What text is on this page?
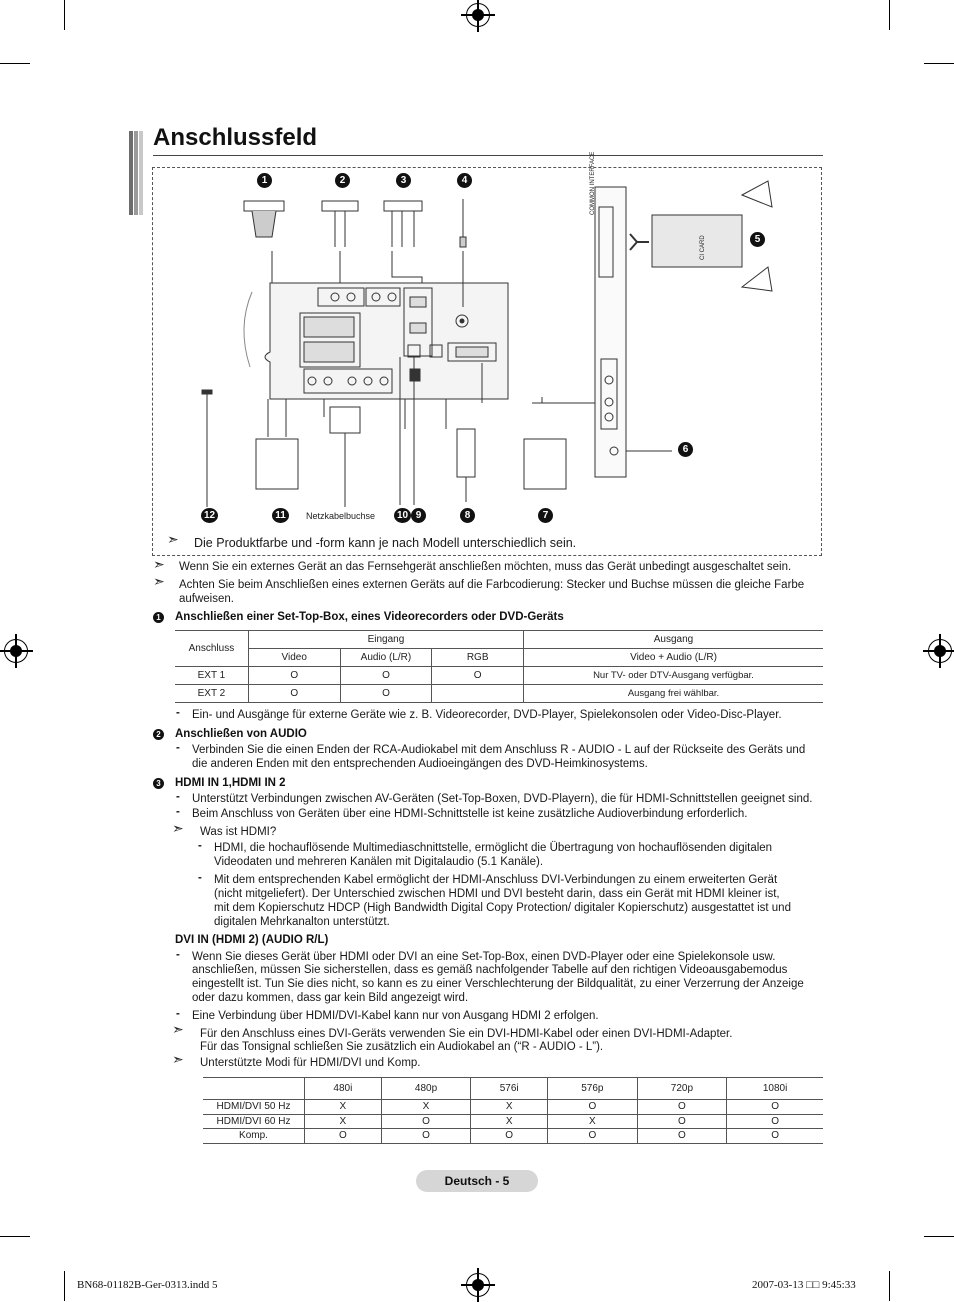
Anschlussfeld
1	2	3	4
5
6
12	11	10 9	8	7
Netzkabelbuchse
COMMON INTERFACE
CI CARD
➣ Die Produktfarbe und -form kann je nach Modell unterschiedlich sein.
➣ Wenn Sie ein externes Gerät an das Fernsehgerät anschließen möchten, muss das Gerät unbedingt ausgeschaltet sein.
➣ Achten Sie beim Anschließen eines externen Geräts auf die Farbcodierung: Stecker und Buchse müssen die gleiche Farbe
aufweisen.
1 Anschließen einer Set-Top-Box, eines Videorecorders oder DVD-Geräts
Anschluss	Eingang			Ausgang
	Video	Audio (L/R)	RGB	Video + Audio (L/R)
EXT 1	O	O	O	Nur TV- oder DTV-Ausgang verfügbar.
EXT 2	O	O		Ausgang frei wählbar.
- Ein- und Ausgänge für externe Geräte wie z. B. Videorecorder, DVD-Player, Spielekonsolen oder Video-Disc-Player.
2 Anschließen von AUDIO
- Verbinden Sie die einen Enden der RCA-Audiokabel mit dem Anschluss R - AUDIO - L auf der Rückseite des Geräts und
die anderen Enden mit den entsprechenden Audioeingängen des DVD-Heimkinosystems.
3 HDMI IN 1,HDMI IN 2
- Unterstützt Verbindungen zwischen AV-Geräten (Set-Top-Boxen, DVD-Playern), die für HDMI-Schnittstellen geeignet sind.
- Beim Anschluss von Geräten über eine HDMI-Schnittstelle ist keine zusätzliche Audioverbindung erforderlich.
➣ Was ist HDMI?
- HDMI, die hochauflösende Multimediaschnittstelle, ermöglicht die Übertragung von hochauflösenden digitalen
Videodaten und mehreren Kanälen mit Digitalaudio (5.1 Kanäle).
- Mit dem entsprechenden Kabel ermöglicht der HDMI-Anschluss DVI-Verbindungen zu einem erweiterten Gerät
(nicht mitgeliefert). Der Unterschied zwischen HDMI und DVI besteht darin, dass ein Gerät mit HDMI kleiner ist,
mit dem Kopierschutz HDCP (High Bandwidth Digital Copy Protection/ digitaler Kopierschutz) ausgestattet ist und
digitalen Mehrkanalton unterstützt.
DVI IN (HDMI 2) (AUDIO R/L)
- Wenn Sie dieses Gerät über HDMI oder DVI an eine Set-Top-Box, einen DVD-Player oder eine Spielekonsole usw.
anschließen, müssen Sie sicherstellen, dass es gemäß nachfolgender Tabelle auf den richtigen Videoausgabemodus
eingestellt ist. Tun Sie dies nicht, so kann es zu einer Verschlechterung der Bildqualität, zu einer Verzerrung der Anzeige
oder dazu kommen, dass gar kein Bild angezeigt wird.
- Eine Verbindung über HDMI/DVI-Kabel kann nur von Ausgang HDMI 2 erfolgen.
➣ Für den Anschluss eines DVI-Geräts verwenden Sie ein DVI-HDMI-Kabel oder einen DVI-HDMI-Adapter.
Für das Tonsignal schließen Sie zusätzlich ein Audiokabel an (“R - AUDIO - L”).
➣ Unterstützte Modi für HDMI/DVI und Komp.
	480i	480p	576i	576p	720p	1080i
HDMI/DVI 50 Hz	X	X	X	O	O	O
HDMI/DVI 60 Hz	X	O	X	X	O	O
Komp.	O	O	O	O	O	O
Deutsch - 5
BN68-01182B-Ger-0313.indd 5	2007-03-13 □□ 9:45:33
